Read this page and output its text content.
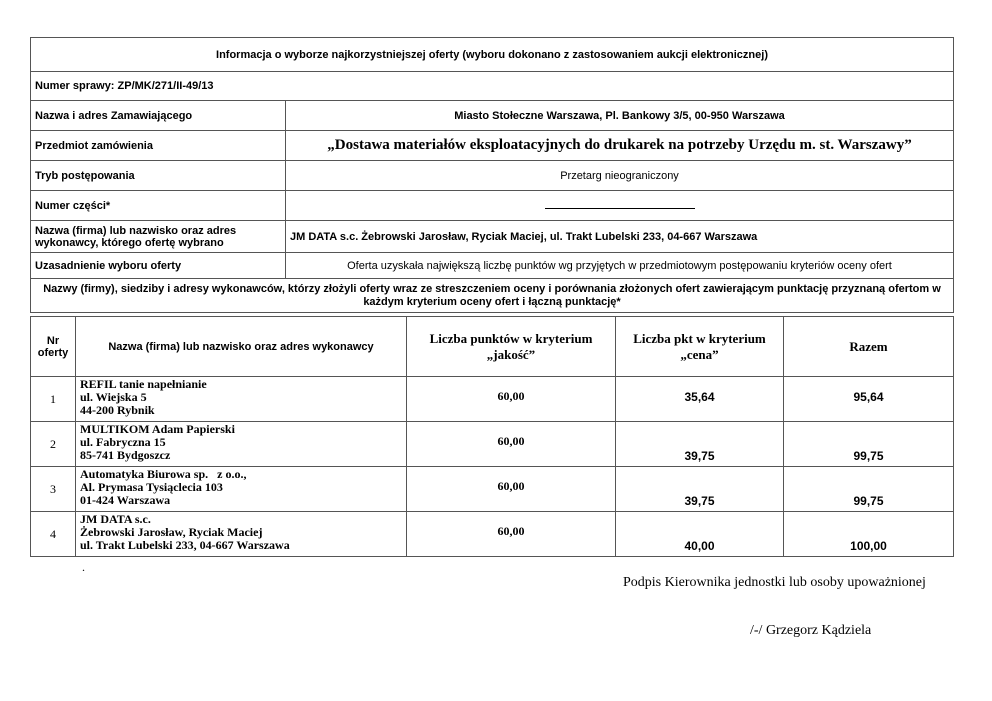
Informacja o wyborze najkorzystniejszej oferty (wyboru dokonano z zastosowaniem aukcji elektronicznej)	
Numer sprawy: ZP/MK/271/II-49/13	
Nazwa i adres Zamawiającego	Miasto Stołeczne Warszawa, Pl. Bankowy 3/5, 00-950 Warszawa
Przedmiot zamówienia	„Dostawa materiałów eksploatacyjnych do drukarek na potrzeby Urzędu m. st. Warszawy”
Tryb postępowania	Przetarg nieograniczony
Numer części*	
Nazwa (firma) lub nazwisko oraz adres wykonawcy, którego ofertę wybrano	JM DATA s.c. Żebrowski Jarosław, Ryciak Maciej, ul. Trakt Lubelski 233, 04-667 Warszawa
Uzasadnienie wyboru oferty	Oferta uzyskała największą liczbę punktów wg przyjętych w przedmiotowym postępowaniu kryteriów oceny ofert
Nazwy (firmy), siedziby i adresy wykonawców, którzy złożyli oferty wraz ze streszczeniem oceny i porównania złożonych ofert zawierającym punktację przyznaną ofertom w każdym kryterium oceny ofert i łączną punktację*	
Nr oferty	Nazwa (firma) lub nazwisko oraz adres wykonawcy	Liczba punktów w kryterium „jakość”	Liczba pkt w kryterium „cena”	Razem
1	REFIL tanie napełnianie
ul. Wiejska 5
44-200 Rybnik	60,00	35,64	95,64
2	MULTIKOM Adam Papierski
ul. Fabryczna 15
85-741 Bydgoszcz	60,00	39,75	99,75
3	Automatyka Biurowa sp.   z o.o.,
Al. Prymasa Tysiąclecia 103
01-424 Warszawa	60,00	39,75	99,75
4	JM DATA s.c.
Żebrowski Jarosław, Ryciak Maciej
ul. Trakt Lubelski 233, 04-667 Warszawa	60,00	40,00	100,00
.
Podpis Kierownika jednostki lub osoby upoważnionej
/-/ Grzegorz Kądziela
